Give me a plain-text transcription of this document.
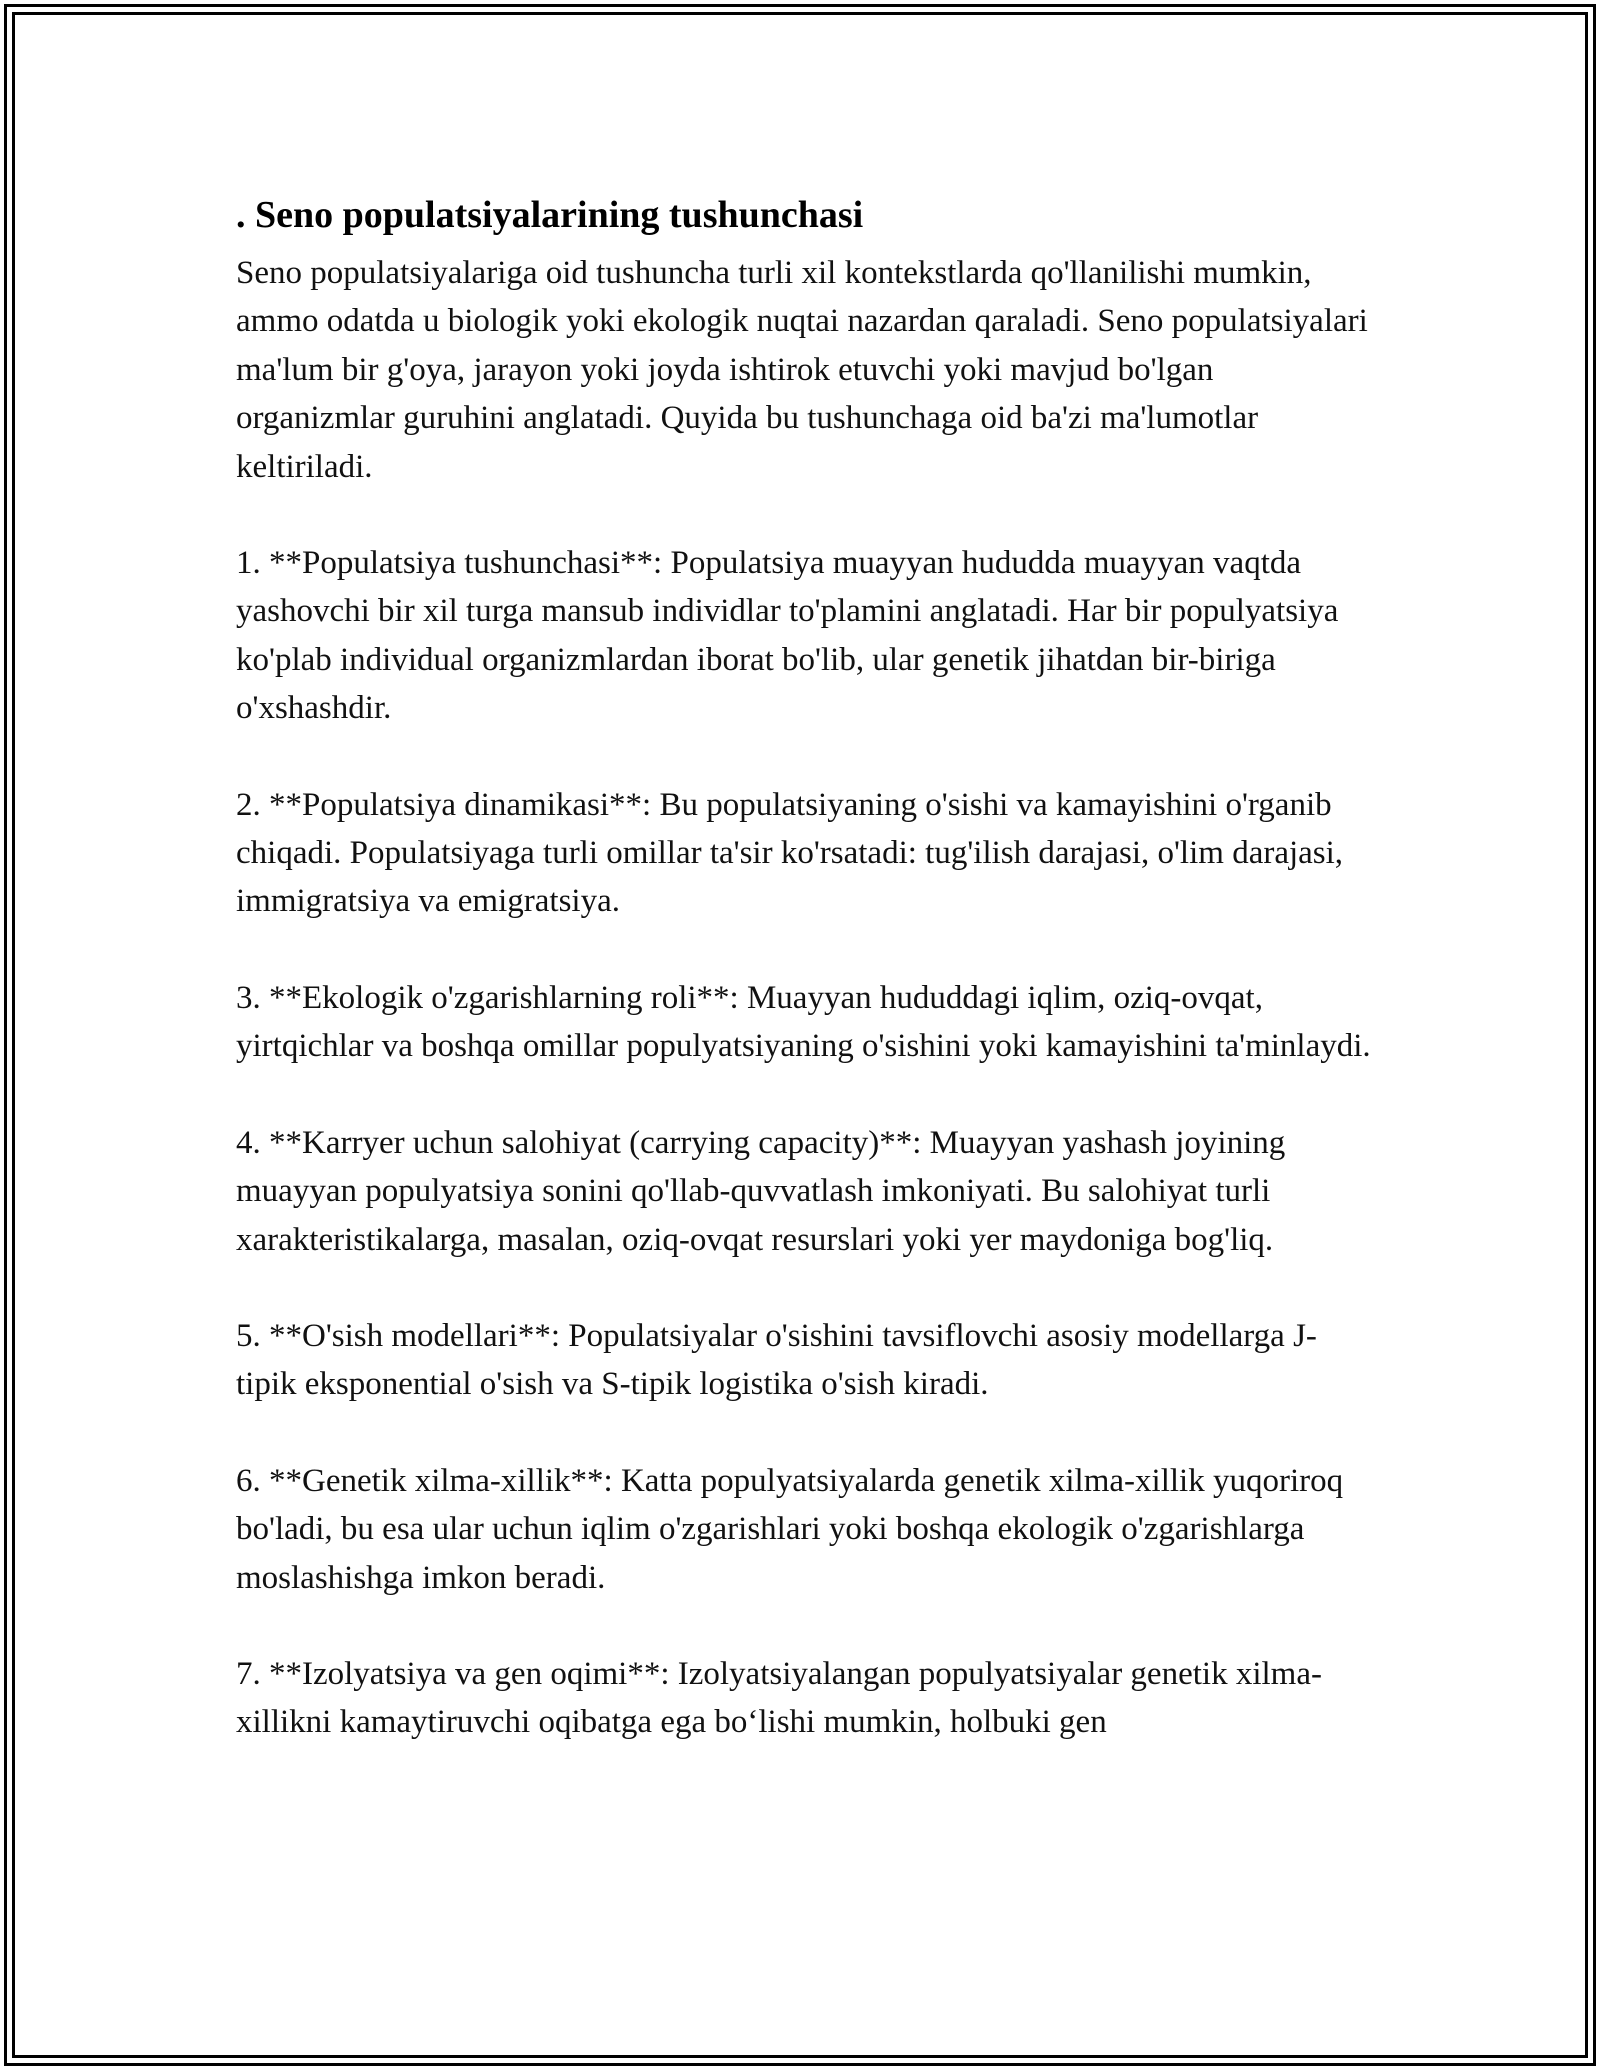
. Seno populatsiyalarining tushunchasi

Seno populatsiyalariga oid tushuncha turli xil kontekstlarda qo'llanilishi mumkin, ammo odatda u biologik yoki ekologik nuqtai nazardan qaraladi. Seno populatsiyalari ma'lum bir g'oya, jarayon yoki joyda ishtirok etuvchi yoki mavjud bo'lgan organizmlar guruhini anglatadi. Quyida bu tushunchaga oid ba'zi ma'lumotlar keltiriladi.

1. **Populatsiya tushunchasi**: Populatsiya muayyan hududda muayyan vaqtda yashovchi bir xil turga mansub individlar to'plamini anglatadi. Har bir populyatsiya ko'plab individual organizmlardan iborat bo'lib, ular genetik jihatdan bir-biriga o'xshashdir.

2. **Populatsiya dinamikasi**: Bu populatsiyaning o'sishi va kamayishini o'rganib chiqadi. Populatsiyaga turli omillar ta'sir ko'rsatadi: tug'ilish darajasi, o'lim darajasi, immigratsiya va emigratsiya.

3. **Ekologik o'zgarishlarning roli**: Muayyan hududdagi iqlim, oziq-ovqat, yirtqichlar va boshqa omillar populyatsiyaning o'sishini yoki kamayishini ta'minlaydi.

4. **Karryer uchun salohiyat (carrying capacity)**: Muayyan yashash joyining muayyan populyatsiya sonini qo'llab-quvvatlash imkoniyati. Bu salohiyat turli xarakteristikalarga, masalan, oziq-ovqat resurslari yoki yer maydoniga bog'liq.

5. **O'sish modellari**: Populatsiyalar o'sishini tavsiflovchi asosiy modellarga J-tipik eksponential o'sish va S-tipik logistika o'sish kiradi.

6. **Genetik xilma-xillik**: Katta populyatsiyalarda genetik xilma-xillik yuqoriroq bo'ladi, bu esa ular uchun iqlim o'zgarishlari yoki boshqa ekologik o'zgarishlarga moslashishga imkon beradi.

7. **Izolyatsiya va gen oqimi**: Izolyatsiyalangan populyatsiyalar genetik xilma-xillikni kamaytiruvchi oqibatga ega bo‘lishi mumkin, holbuki gen
